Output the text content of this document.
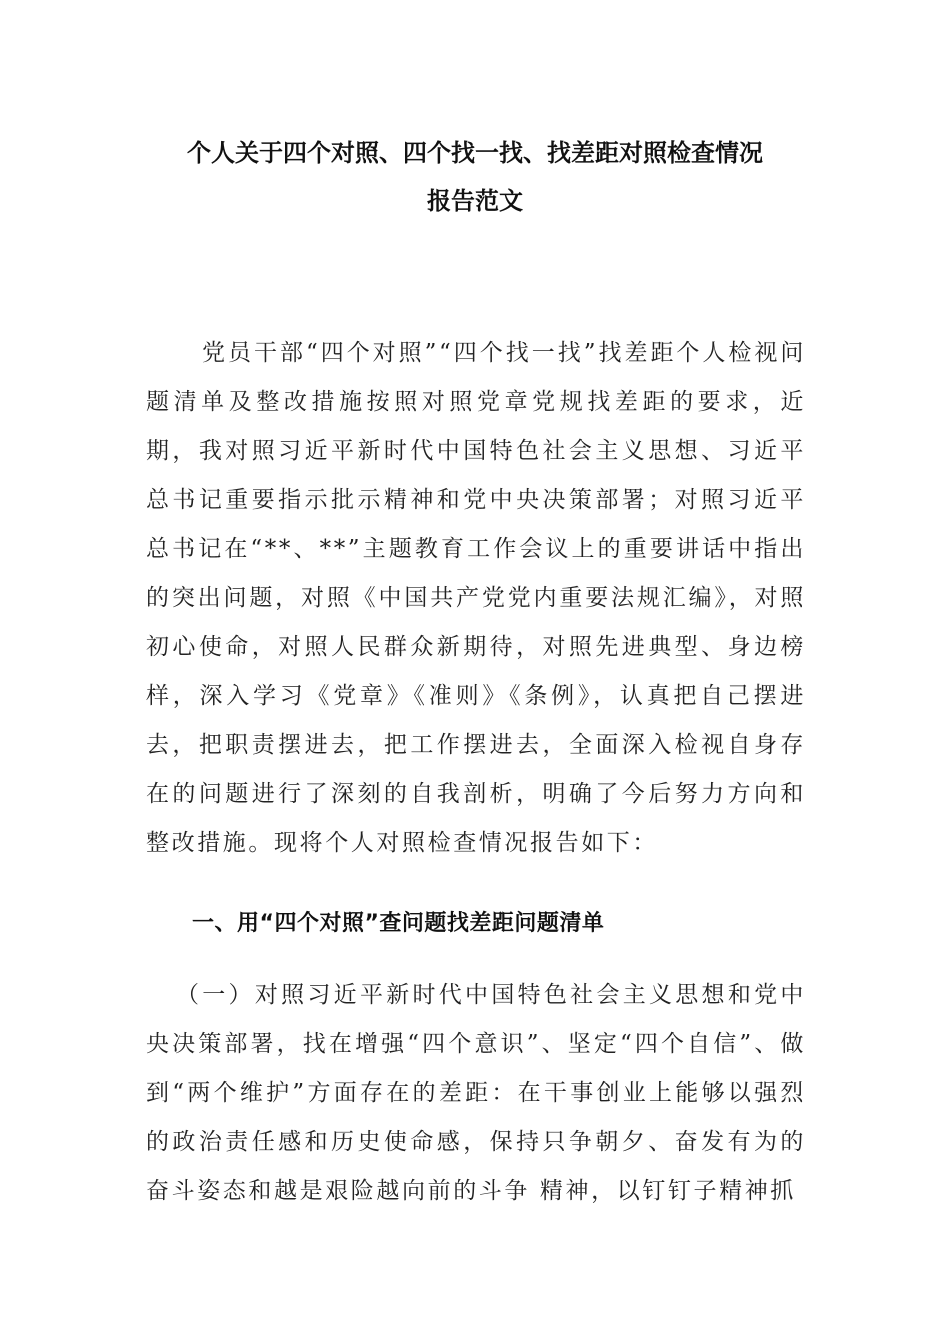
个人关于四个对照、四个找一找、找差距对照检查情况
报告范文

党员干部“四个对照”“四个找一找”找差距个人检视问题清单及整改措施按照对照党章党规找差距的要求，近期，我对照习近平新时代中国特色社会主义思想、习近平总书记重要指示批示精神和党中央决策部署；对照习近平总书记在“**、**”主题教育工作会议上的重要讲话中指出的突出问题，对照《中国共产党党内重要法规汇编》，对照初心使命，对照人民群众新期待，对照先进典型、身边榜样，深入学习《党章》《准则》《条例》，认真把自己摆进去，把职责摆进去，把工作摆进去，全面深入检视自身存在的问题进行了深刻的自我剖析，明确了今后努力方向和整改措施。现将个人对照检查情况报告如下：

一、用“四个对照”查问题找差距问题清单

（一）对照习近平新时代中国特色社会主义思想和党中央决策部署，找在增强“四个意识”、坚定“四个自信”、做到“两个维护”方面存在的差距：在干事创业上能够以强烈的政治责任感和历史使命感，保持只争朝夕、奋发有为的奋斗姿态和越是艰险越向前的斗争 精神，以钉钉子精神抓
